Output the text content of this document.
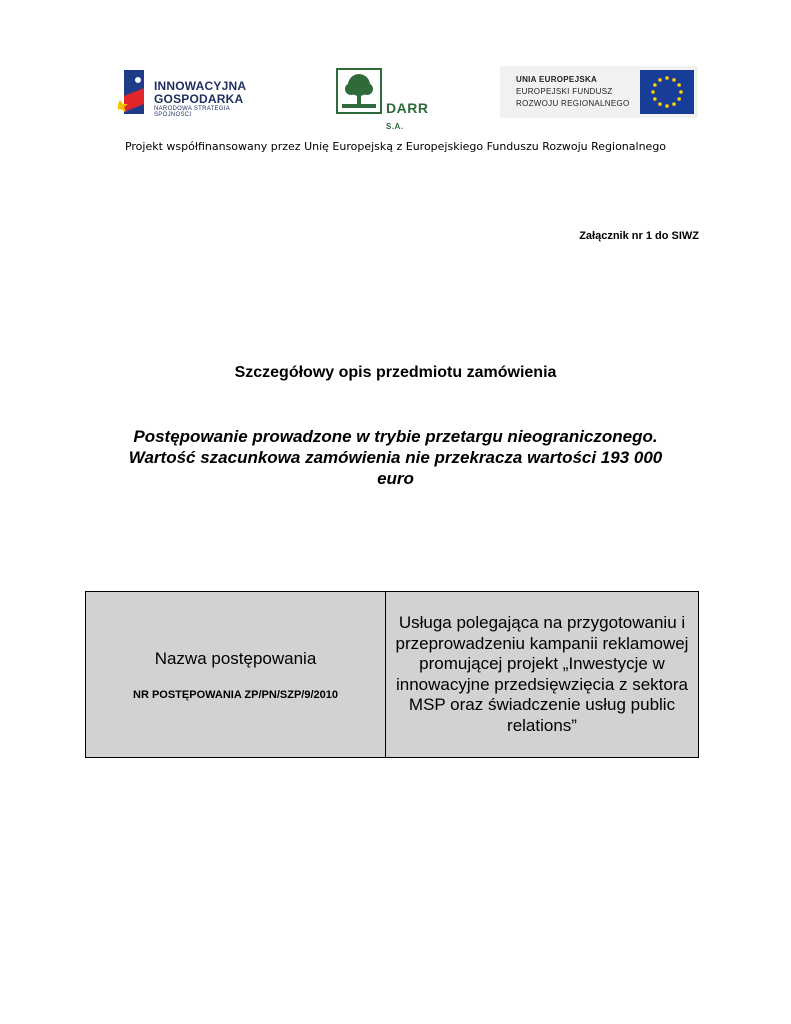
INNOWACYJNA
GOSPODARKA
NARODOWA STRATEGIA SPÓJNOŚCI	DARR S.A.
UNIA EUROPEJSKA
EUROPEJSKI FUNDUSZ
ROZWOJU REGIONALNEGO
Projekt współfinansowany przez Unię Europejską z Europejskiego Funduszu Rozwoju Regionalnego
Załącznik nr 1 do SIWZ
Szczegółowy opis przedmiotu zamówienia
Postępowanie prowadzone w trybie przetargu nieograniczonego.
Wartość szacunkowa zamówienia nie przekracza wartości 193 000
euro
Nazwa postępowania
NR POSTĘPOWANIA ZP/PN/SZP/9/2010
Usługa polegająca na przygotowaniu i przeprowadzeniu kampanii reklamowej promującej projekt „Inwestycje w innowacyjne przedsięwzięcia z sektora MSP oraz świadczenie usług public relations”
